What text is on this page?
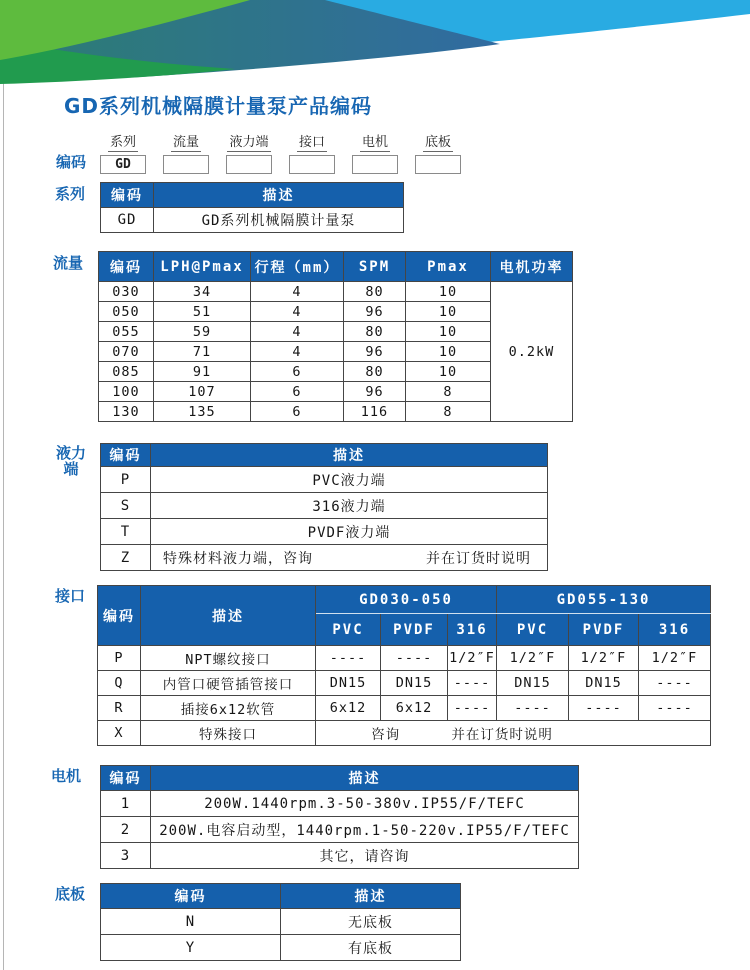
GD系列机械隔膜计量泵产品编码
编码
系列
GD
流量 液力端 接口	电机	底板
系列 编码	描述
GD	GD系列机械隔膜计量泵
流量 编码	LPH@Pmax	行程（mm）	SPM	Pmax	电机功率
030	34	4	80	10	0.2kW
050	51	4	96	10	
055	59	4	80	10	
070	71	4	96	10	
085	91	6	80	10	
100	107	6	96	8	
130	135	6	116	8	
液力端
编码	描述
P	PVC液力端
S	316液力端
T	PVDF液力端
Z	特殊材料液力端，咨询 并在订货时说明
接口
编码	描述	GD030-050			GD055-130		
		PVC	PVDF	316	PVC	PVDF	316
P	NPT螺纹接口	----	----	1/2″F	1/2″F	1/2″F	1/2″F
Q	内管口硬管插管接口	DN15	DN15	----	DN15	DN15	----
R	插接6x12软管	6x12	6x12	----	----	----	----
X	特殊接口	咨询 并在订货时说明					
电机 编码	描述
1	200W.1440rpm.3-50-380v.IP55/F/TEFC
2	200W.电容启动型，1440rpm.1-50-220v.IP55/F/TEFC
3	其它，请咨询
底板	编码	描述
N	无底板
Y	有底板
